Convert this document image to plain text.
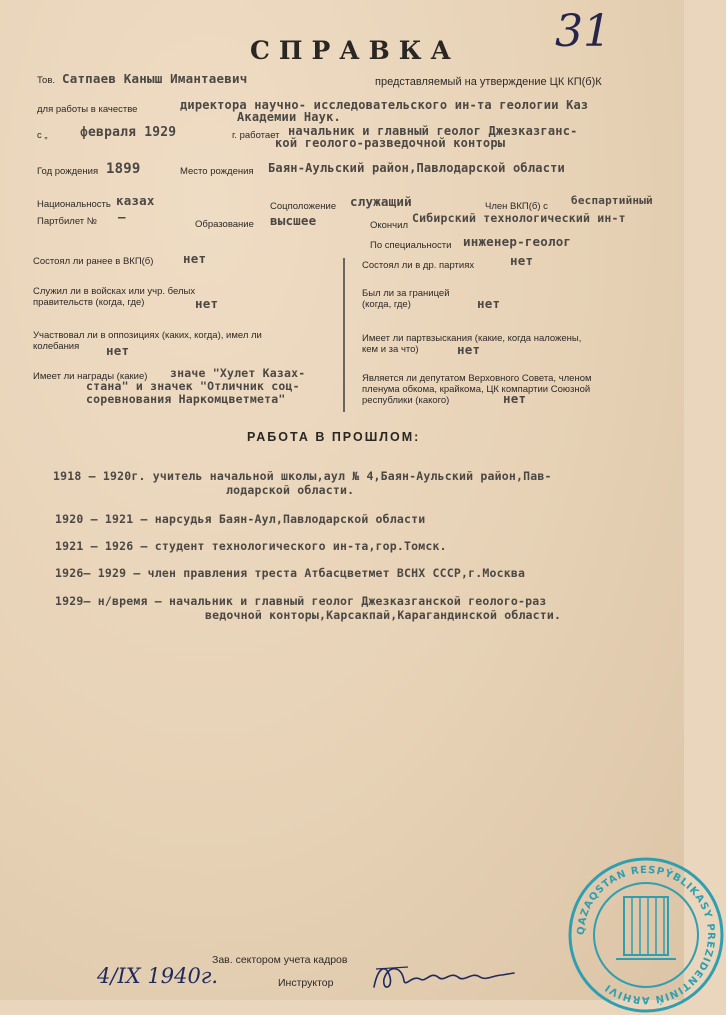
31
СПРАВКА
Тов. Сатпаев Каныш Имантаевич	представляемый на утверждение ЦК КП(б)К
для работы в качестве	директора научно- исследовательского ин-та геологии Каз
Академии Наук.
с „ февраля 1929	г. работает начальник и главный геолог Джезказганс-
кой геолого-разведочной конторы
Год рождения 1899	Место рождения Баян-Аульский район,Павлодарской области
Национальность казах	Соцположение служащий	Член ВКП(б) с беспартийный
Партбилет № –
Образование высшее	Окончил
Сибирский технологический ин-т
По специальности инженер-геолог
Состоял ли ранее в ВКП(б) нет
Служил ли в войсках или учр. белых
правительств (когда, где)	нет
Участвовал ли в оппозициях (каких, когда), имел ли
колебания нет
Имеет ли награды (какие) значе "Хулет Казах-
стана" и значек "Отличник соц-
соревнования Наркомцветмета"
Состоял ли в др. партиях	нет
Был ли за границей
(когда, где)	нет
Имеет ли партвзыскания (какие, когда наложены,
кем и за что)	нет
Является ли депутатом Верховного Совета, членом
пленума обкома, крайкома, ЦК компартии Союзной
республики (какого)	нет
РАБОТА В ПРОШЛОМ:
1918 – 1920г. учитель начальной школы,аул № 4,Баян-Аульский район,Пав-
лодарской области.
1920 – 1921 – нарсудья Баян-Аул,Павлодарской области
1921 – 1926 – студент технологического ин-та,гор.Томск.
1926– 1929 – член правления треста Атбасцветмет ВСНХ СССР,г.Москва
1929– н/время – начальник и главный геолог Джезказганской геолого-раз
ведочной конторы,Карсакпай,Карагандинской области.
Зав. сектором учета кадров
Инструктор
4/IX 1940г.
QAZAQSTAN RESPÝBLIKASY PREZIDENTINIŃ ARHIVI
